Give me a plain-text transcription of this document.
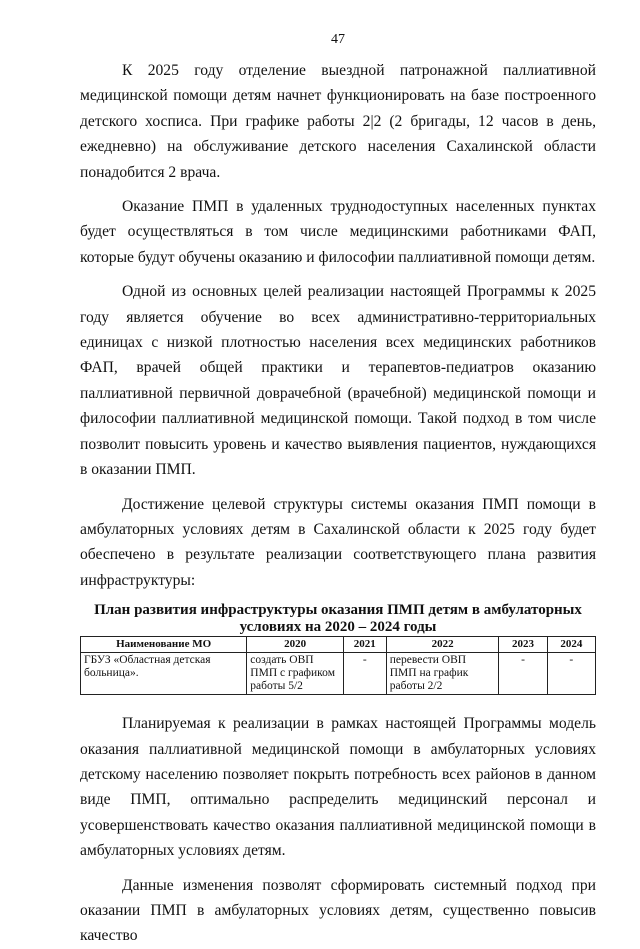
47

К 2025 году отделение выездной патронажной паллиативной медицинской помощи детям начнет функционировать на базе построенного детского хосписа. При графике работы 2|2 (2 бригады, 12 часов в день, ежедневно) на обслуживание детского населения Сахалинской области понадобится 2 врача.

Оказание ПМП в удаленных труднодоступных населенных пунктах будет осуществляться в том числе медицинскими работниками ФАП, которые будут обучены оказанию и философии паллиативной помощи детям.

Одной из основных целей реализации настоящей Программы к 2025 году является обучение во всех административно-территориальных единицах с низкой плотностью населения всех медицинских работников ФАП, врачей общей практики и терапевтов-педиатров оказанию паллиативной первичной доврачебной (врачебной) медицинской помощи и философии паллиативной медицинской помощи. Такой подход в том числе позволит повысить уровень и качество выявления пациентов, нуждающихся в оказании ПМП.

Достижение целевой структуры системы оказания ПМП помощи в амбулаторных условиях детям в Сахалинской области к 2025 году будет обеспечено в результате реализации соответствующего плана развития инфраструктуры:

План развития инфраструктуры оказания ПМП детям в амбулаторных условиях на 2020 – 2024 годы
Наименование МО	2020	2021	2022	2023	2024
ГБУЗ «Областная детская больница».	создать ОВП ПМП с графиком работы 5/2	-	перевести ОВП ПМП на график работы 2/2	-	-

Планируемая к реализации в рамках настоящей Программы модель оказания паллиативной медицинской помощи в амбулаторных условиях детскому населению позволяет покрыть потребность всех районов в данном виде ПМП, оптимально распределить медицинский персонал и усовершенствовать качество оказания паллиативной медицинской помощи в амбулаторных условиях детям.

Данные изменения позволят сформировать системный подход при оказании ПМП в амбулаторных условиях детям, существенно повысив качество
